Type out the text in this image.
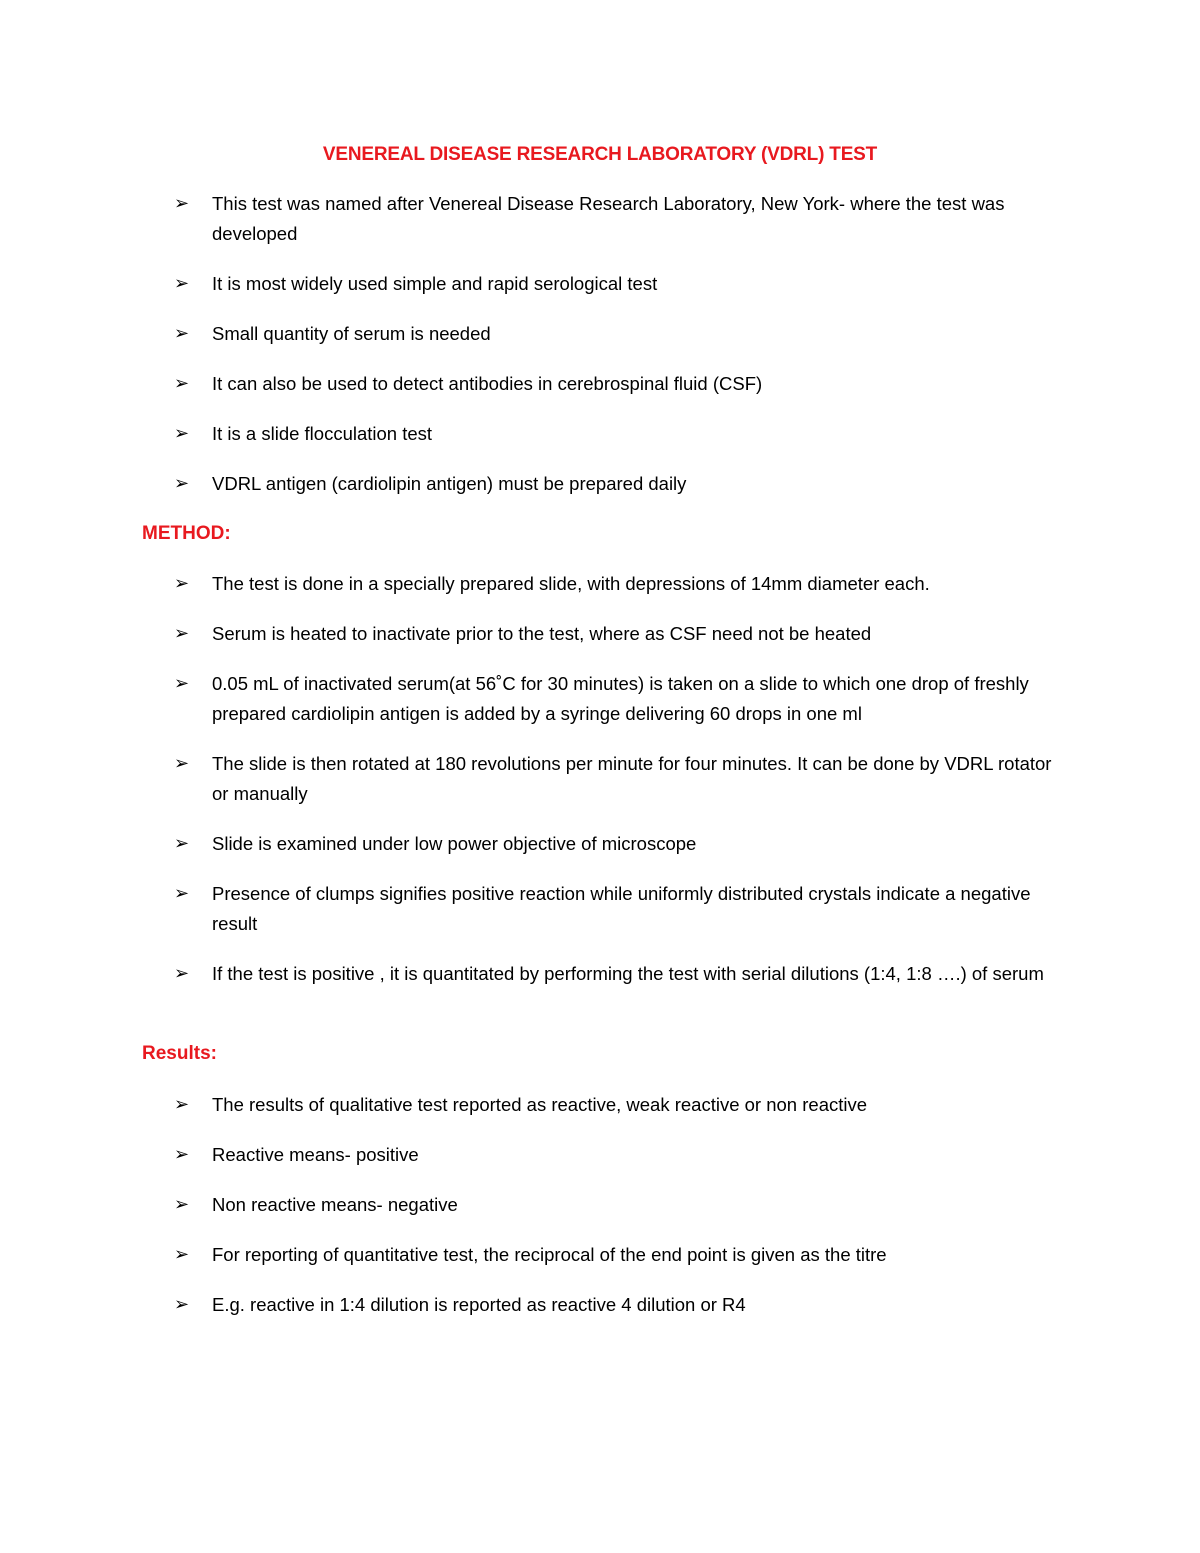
VENEREAL DISEASE RESEARCH LABORATORY (VDRL) TEST
➢ This test was named after Venereal Disease Research Laboratory, New York- where the test was developed
➢ It is most widely used simple and rapid serological test
➢ Small quantity of serum is needed
➢ It can also be used to detect antibodies in cerebrospinal fluid (CSF)
➢ It is a slide flocculation test
➢ VDRL antigen (cardiolipin antigen) must be prepared daily
METHOD:
➢ The test is done in a specially prepared slide, with depressions of 14mm diameter each.
➢ Serum is heated to inactivate prior to the test, where as CSF need not be heated
➢ 0.05 mL of inactivated serum(at 56˚C for 30 minutes) is taken on a slide to which one drop of freshly prepared cardiolipin antigen is added by a syringe delivering 60 drops in one ml
➢ The slide is then rotated at 180 revolutions per minute for four minutes. It can be done by VDRL rotator or manually
➢ Slide is examined under low power objective of microscope
➢ Presence of clumps signifies positive reaction while uniformly distributed crystals indicate a negative result
➢ If the test is positive , it is quantitated by performing the test with serial dilutions (1:4, 1:8 ….) of serum
Results:
➢ The results of qualitative test reported as reactive, weak reactive or non reactive
➢ Reactive means- positive
➢ Non reactive means- negative
➢ For reporting of quantitative test, the reciprocal of the end point is given as the titre
➢ E.g. reactive in 1:4 dilution is reported as reactive 4 dilution or R4
